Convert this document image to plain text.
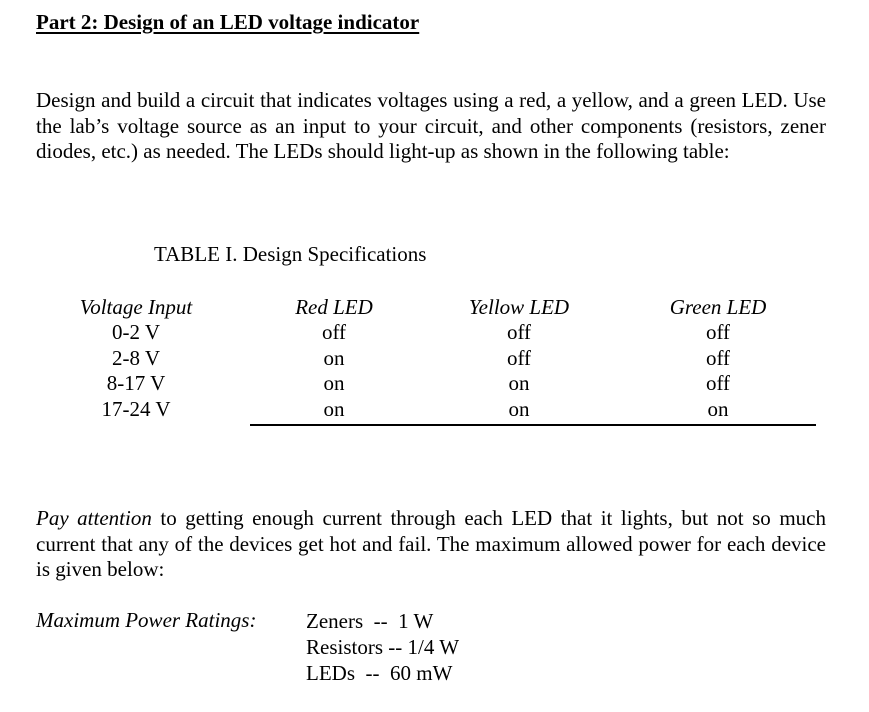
Part 2: Design of an LED voltage indicator
Design and build a circuit that indicates voltages using a red, a yellow, and a green LED. Use the lab’s voltage source as an input to your circuit, and other components (resistors, zener diodes, etc.) as needed. The LEDs should light-up as shown in the following table:
TABLE I. Design Specifications
Voltage Input
0-2 V
2-8 V
8-17 V
17-24 V
Red LED
off
on
on
on
Yellow LED
off
off
on
on
Green LED
off
off
off
on
Pay attention to getting enough current through each LED that it lights, but not so much current that any of the devices get hot and fail. The maximum allowed power for each device is given below:
Maximum Power Ratings: Zeners  --  1 W
Resistors -- 1/4 W
LEDs  --  60 mW
